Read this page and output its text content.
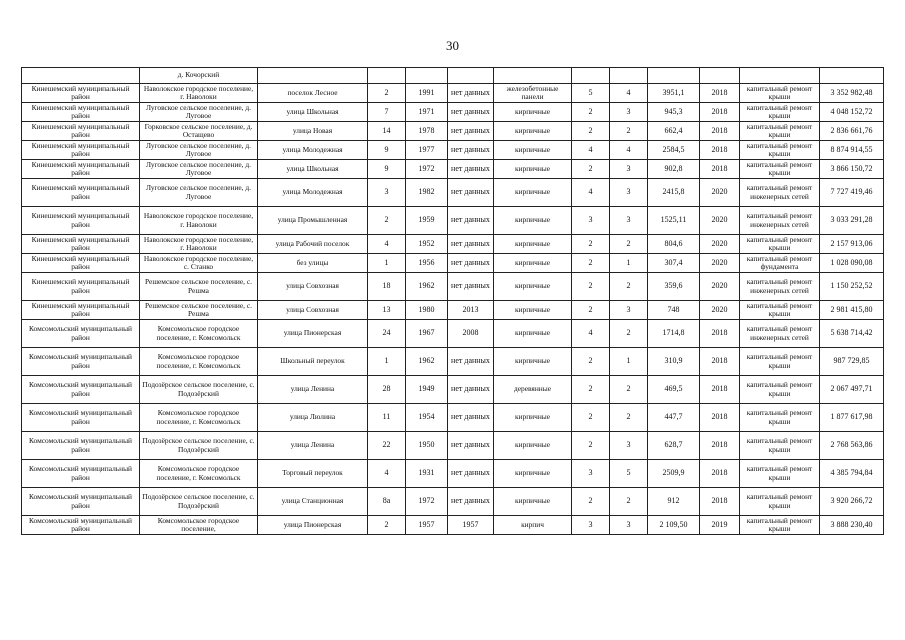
30
	д. Кочорский											
Кинешемский муниципальный район	Наволокское городское поселение, г. Наволоки	поселок Лесное	2	1991	нет данных	железобетонные панели	5	4	3951,1	2018	капитальный ремонт крыши	3 352 982,48
Кинешемский муниципальный район	Луговское сельское поселение, д. Луговое	улица Школьная	7	1971	нет данных	кирпичные	2	3	945,3	2018	капитальный ремонт крыши	4 048 152,72
Кинешемский муниципальный район	Горковское сельское поселение, д. Остащево	улица Новая	14	1978	нет данных	кирпичные	2	2	662,4	2018	капитальный ремонт крыши	2 836 661,76
Кинешемский муниципальный район	Луговское сельское поселение, д. Луговое	улица Молодежная	9	1977	нет данных	кирпичные	4	4	2584,5	2018	капитальный ремонт крыши	8 874 914,55
Кинешемский муниципальный район	Луговское сельское поселение, д. Луговое	улица Школьная	9	1972	нет данных	кирпичные	2	3	902,8	2018	капитальный ремонт крыши	3 866 150,72
Кинешемский муниципальный район	Луговское сельское поселение, д. Луговое	улица Молодежная	3	1982	нет данных	кирпичные	4	3	2415,8	2020	капитальный ремонт инженерных сетей	7 727 419,46
Кинешемский муниципальный район	Наволокское городское поселение, г. Наволоки	улица Промышленная	2	1959	нет данных	кирпичные	3	3	1525,11	2020	капитальный ремонт инженерных сетей	3 033 291,28
Кинешемский муниципальный район	Наволокское городское поселение, г. Наволоки	улица Рабочий поселок	4	1952	нет данных	кирпичные	2	2	804,6	2020	капитальный ремонт крыши	2 157 913,06
Кинешемский муниципальный район	Наволокское городское поселение, с. Станко	без улицы	1	1956	нет данных	кирпичные	2	1	307,4	2020	капитальный ремонт фундамента	1 028 090,08
Кинешемский муниципальный район	Решемское сельское поселение, с. Решма	улица Совхозная	18	1962	нет данных	кирпичные	2	2	359,6	2020	капитальный ремонт инженерных сетей	1 150 252,52
Кинешемский муниципальный район	Решемское сельское поселение, с. Решма	улица Совхозная	13	1980	2013	кирпичные	2	3	748	2020	капитальный ремонт крыши	2 981 415,80
Комсомольский муниципальный район	Комсомольское городское поселение, г. Комсомольск	улица Пионерская	24	1967	2008	кирпичные	4	2	1714,8	2018	капитальный ремонт инженерных сетей	5 638 714,42
Комсомольский муниципальный район	Комсомольское городское поселение, г. Комсомольск	Школьный переулок	1	1962	нет данных	кирпичные	2	1	310,9	2018	капитальный ремонт крыши	987 729,85
Комсомольский муниципальный район	Подозёрское сельское поселение, с. Подозёрский	улица Ленина	28	1949	нет данных	деревянные	2	2	469,5	2018	капитальный ремонт крыши	2 067 497,71
Комсомольский муниципальный район	Комсомольское городское поселение, г. Комсомольск	улица Люлина	11	1954	нет данных	кирпичные	2	2	447,7	2018	капитальный ремонт крыши	1 877 617,98
Комсомольский муниципальный район	Подозёрское сельское поселение, с. Подозёрский	улица Ленина	22	1950	нет данных	кирпичные	2	3	628,7	2018	капитальный ремонт крыши	2 768 563,86
Комсомольский муниципальный район	Комсомольское городское поселение, г. Комсомольск	Торговый переулок	4	1931	нет данных	кирпичные	3	5	2509,9	2018	капитальный ремонт крыши	4 385 794,84
Комсомольский муниципальный район	Подозёрское сельское поселение, с. Подозёрский	улица Станционная	8а	1972	нет данных	кирпичные	2	2	912	2018	капитальный ремонт крыши	3 920 266,72
Комсомольский муниципальный район	Комсомольское городское поселение,	улица Пионерская	2	1957	1957	кирпич	3	3	2 109,50	2019	капитальный ремонт крыши	3 888 230,40
